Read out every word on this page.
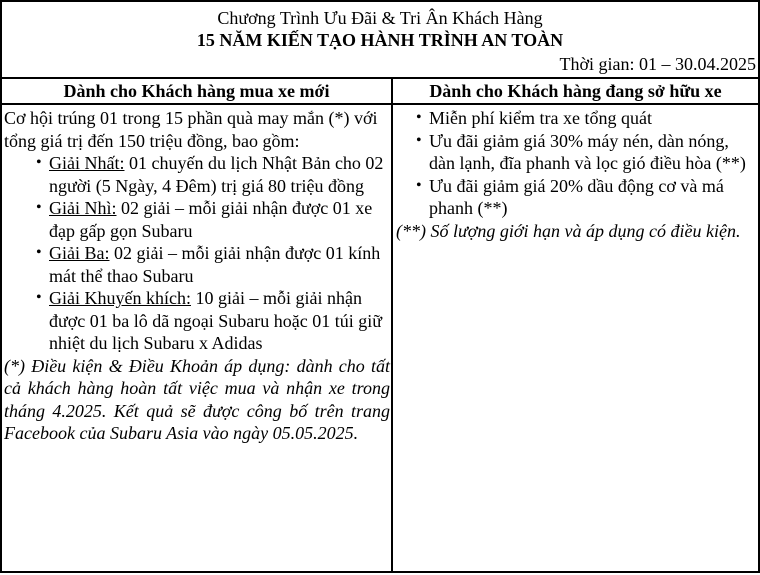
Chương Trình Ưu Đãi & Tri Ân Khách Hàng
15 NĂM KIẾN TẠO HÀNH TRÌNH AN TOÀN
Thời gian: 01 – 30.04.2025
Dành cho Khách hàng mua xe mới	Dành cho Khách hàng đang sở hữu xe

Cơ hội trúng 01 trong 15 phần quà may mắn (*) với tổng giá trị đến 150 triệu đồng, bao gồm:

• Giải Nhất: 01 chuyến du lịch Nhật Bản cho 02 người (5 Ngày, 4 Đêm) trị giá 80 triệu đồng
• Giải Nhì: 02 giải – mỗi giải nhận được 01 xe đạp gấp gọn Subaru
• Giải Ba: 02 giải – mỗi giải nhận được 01 kính mát thể thao Subaru
• Giải Khuyến khích: 10 giải – mỗi giải nhận được 01 ba lô dã ngoại Subaru hoặc 01 túi giữ nhiệt du lịch Subaru x Adidas

(*) Điều kiện & Điều Khoản áp dụng: dành cho tất cả khách hàng hoàn tất việc mua và nhận xe trong tháng 4.2025. Kết quả sẽ được công bố trên trang Facebook của Subaru Asia vào ngày 05.05.2025.

• Miễn phí kiểm tra xe tổng quát
• Ưu đãi giảm giá 30% máy nén, dàn nóng, dàn lạnh, đĩa phanh và lọc gió điều hòa (**)
• Ưu đãi giảm giá 20% dầu động cơ và má phanh (**)

(**) Số lượng giới hạn và áp dụng có điều kiện.
